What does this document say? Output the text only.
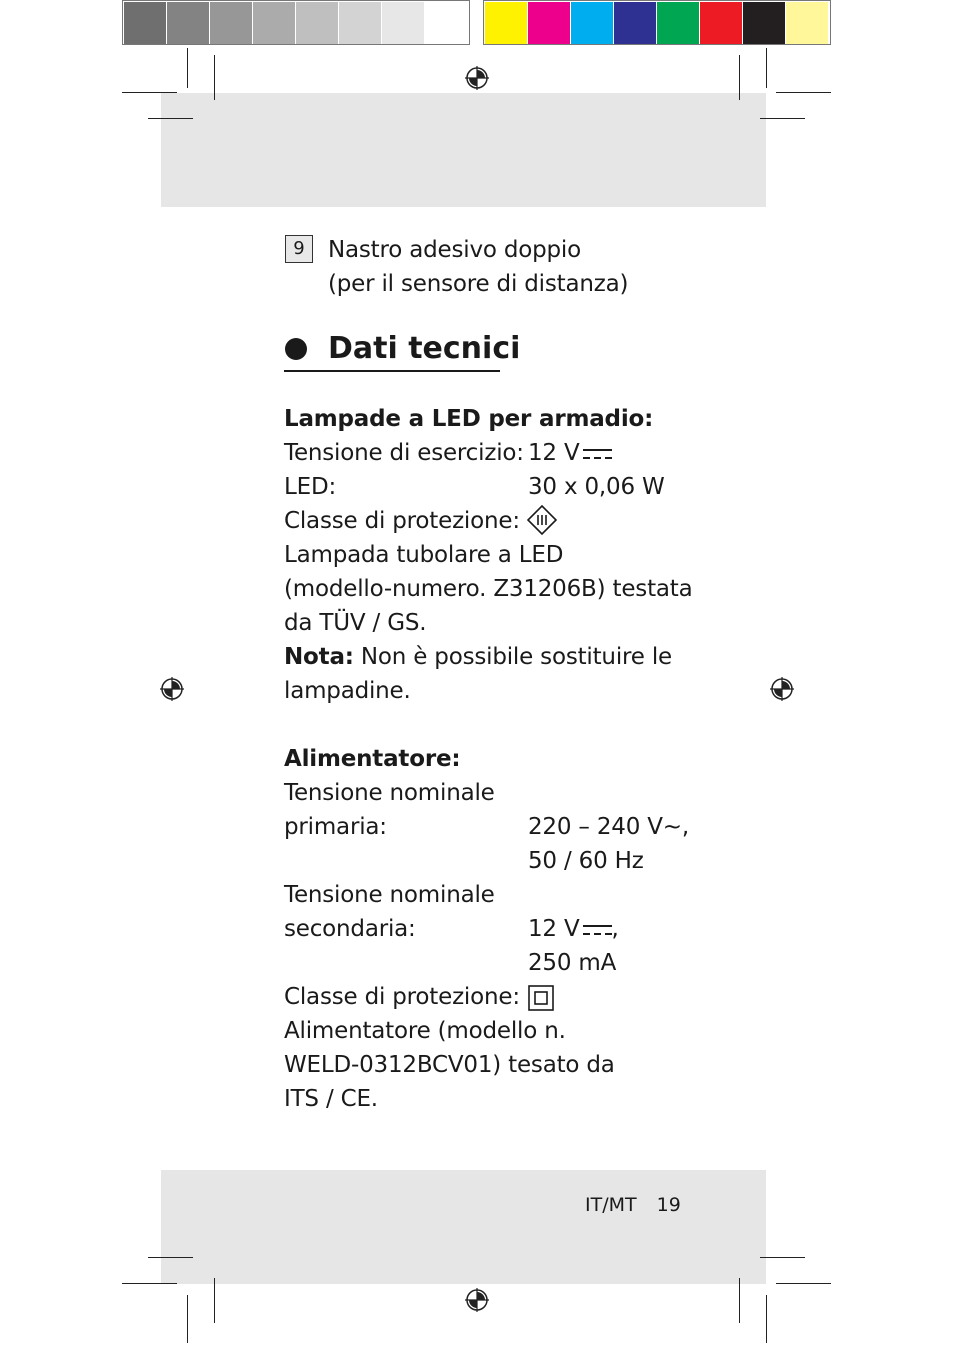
9	Nastro adesivo doppio
(per il sensore di distanza)
Dati tecnici
Lampade a LED per armadio:
Tensione di esercizio: 12 V
LED:	30 x 0,06 W
Classe di protezione:
Lampada tubolare a LED
(modello-numero. Z31206B) testata
da TÜV / GS.
Nota: Non è possibile sostituire le
lampadine.
Alimentatore:
Tensione nominale
primaria:	220 – 240 V~,
50 / 60 Hz
Tensione nominale
secondaria:	12 V ,
250 mA
Classe di protezione:
Alimentatore (modello n.
WELD-0312BCV01) tesato da
ITS / CE.
IT/MT 19
